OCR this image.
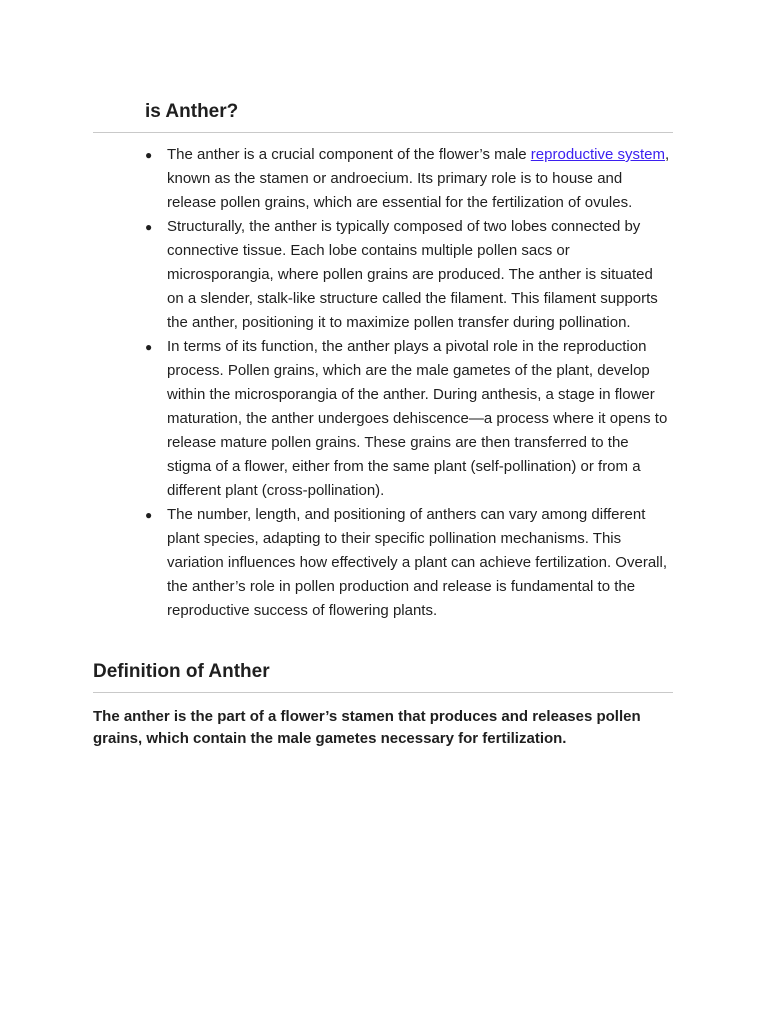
is Anther?
● The anther is a crucial component of the flower’s male reproductive system, known as the stamen or androecium. Its primary role is to house and release pollen grains, which are essential for the fertilization of ovules.
● Structurally, the anther is typically composed of two lobes connected by connective tissue. Each lobe contains multiple pollen sacs or microsporangia, where pollen grains are produced. The anther is situated on a slender, stalk-like structure called the filament. This filament supports the anther, positioning it to maximize pollen transfer during pollination.
● In terms of its function, the anther plays a pivotal role in the reproduction process. Pollen grains, which are the male gametes of the plant, develop within the microsporangia of the anther. During anthesis, a stage in flower maturation, the anther undergoes dehiscence—a process where it opens to release mature pollen grains. These grains are then transferred to the stigma of a flower, either from the same plant (self-pollination) or from a different plant (cross-pollination).
● The number, length, and positioning of anthers can vary among different plant species, adapting to their specific pollination mechanisms. This variation influences how effectively a plant can achieve fertilization. Overall, the anther’s role in pollen production and release is fundamental to the reproductive success of flowering plants.
Definition of Anther

The anther is the part of a flower’s stamen that produces and releases pollen grains, which contain the male gametes necessary for fertilization.
